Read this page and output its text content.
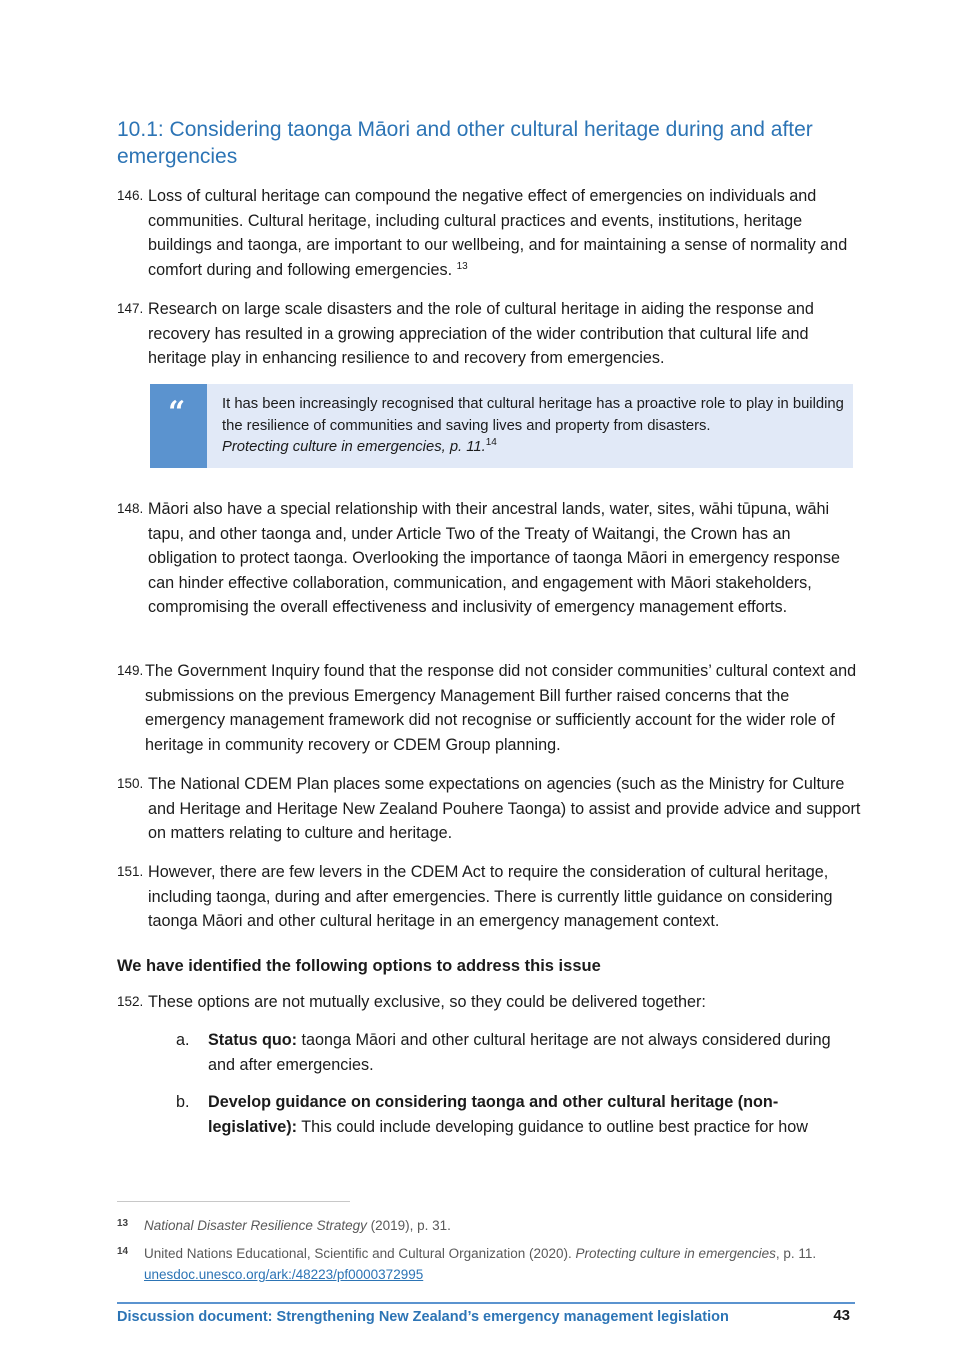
10.1: Considering taonga Māori and other cultural heritage during and after emergencies

146. Loss of cultural heritage can compound the negative effect of emergencies on individuals and communities. Cultural heritage, including cultural practices and events, institutions, heritage buildings and taonga, are important to our wellbeing, and for maintaining a sense of normality and comfort during and following emergencies. $^{13}$

147. Research on large scale disasters and the role of cultural heritage in aiding the response and recovery has resulted in a growing appreciation of the wider contribution that cultural life and heritage play in enhancing resilience to and recovery from emergencies.

“ It has been increasingly recognised that cultural heritage has a proactive role to play in building the resilience of communities and saving lives and property from disasters.
Protecting culture in emergencies, p. 11.14

148. Māori also have a special relationship with their ancestral lands, water, sites, wāhi tūpuna, wāhi tapu, and other taonga and, under Article Two of the Treaty of Waitangi, the Crown has an obligation to protect taonga. Overlooking the importance of taonga Māori in emergency response can hinder effective collaboration, communication, and engagement with Māori stakeholders, compromising the overall effectiveness and inclusivity of emergency management efforts.

149. The Government Inquiry found that the response did not consider communities’ cultural context and submissions on the previous Emergency Management Bill further raised concerns that the emergency management framework did not recognise or sufficiently account for the wider role of heritage in community recovery or CDEM Group planning.

150. The National CDEM Plan places some expectations on agencies (such as the Ministry for Culture and Heritage and Heritage New Zealand Pouhere Taonga) to assist and provide advice and support on matters relating to culture and heritage.

151. However, there are few levers in the CDEM Act to require the consideration of cultural heritage, including taonga, during and after emergencies. There is currently little guidance on considering taonga Māori and other cultural heritage in an emergency management context.

We have identified the following options to address this issue

152. These options are not mutually exclusive, so they could be delivered together:

a.	Status quo: taonga Māori and other cultural heritage are not always considered during and after emergencies.

b.	Develop guidance on considering taonga and other cultural heritage (non-legislative): This could include developing guidance to outline best practice for how

13	National Disaster Resilience Strategy (2019), p. 31.

14	United Nations Educational, Scientific and Cultural Organization (2020). Protecting culture in emergencies, p. 11. unesdoc.unesco.org/ark:/48223/pf0000372995

Discussion document: Strengthening New Zealand’s emergency management legislation	43
